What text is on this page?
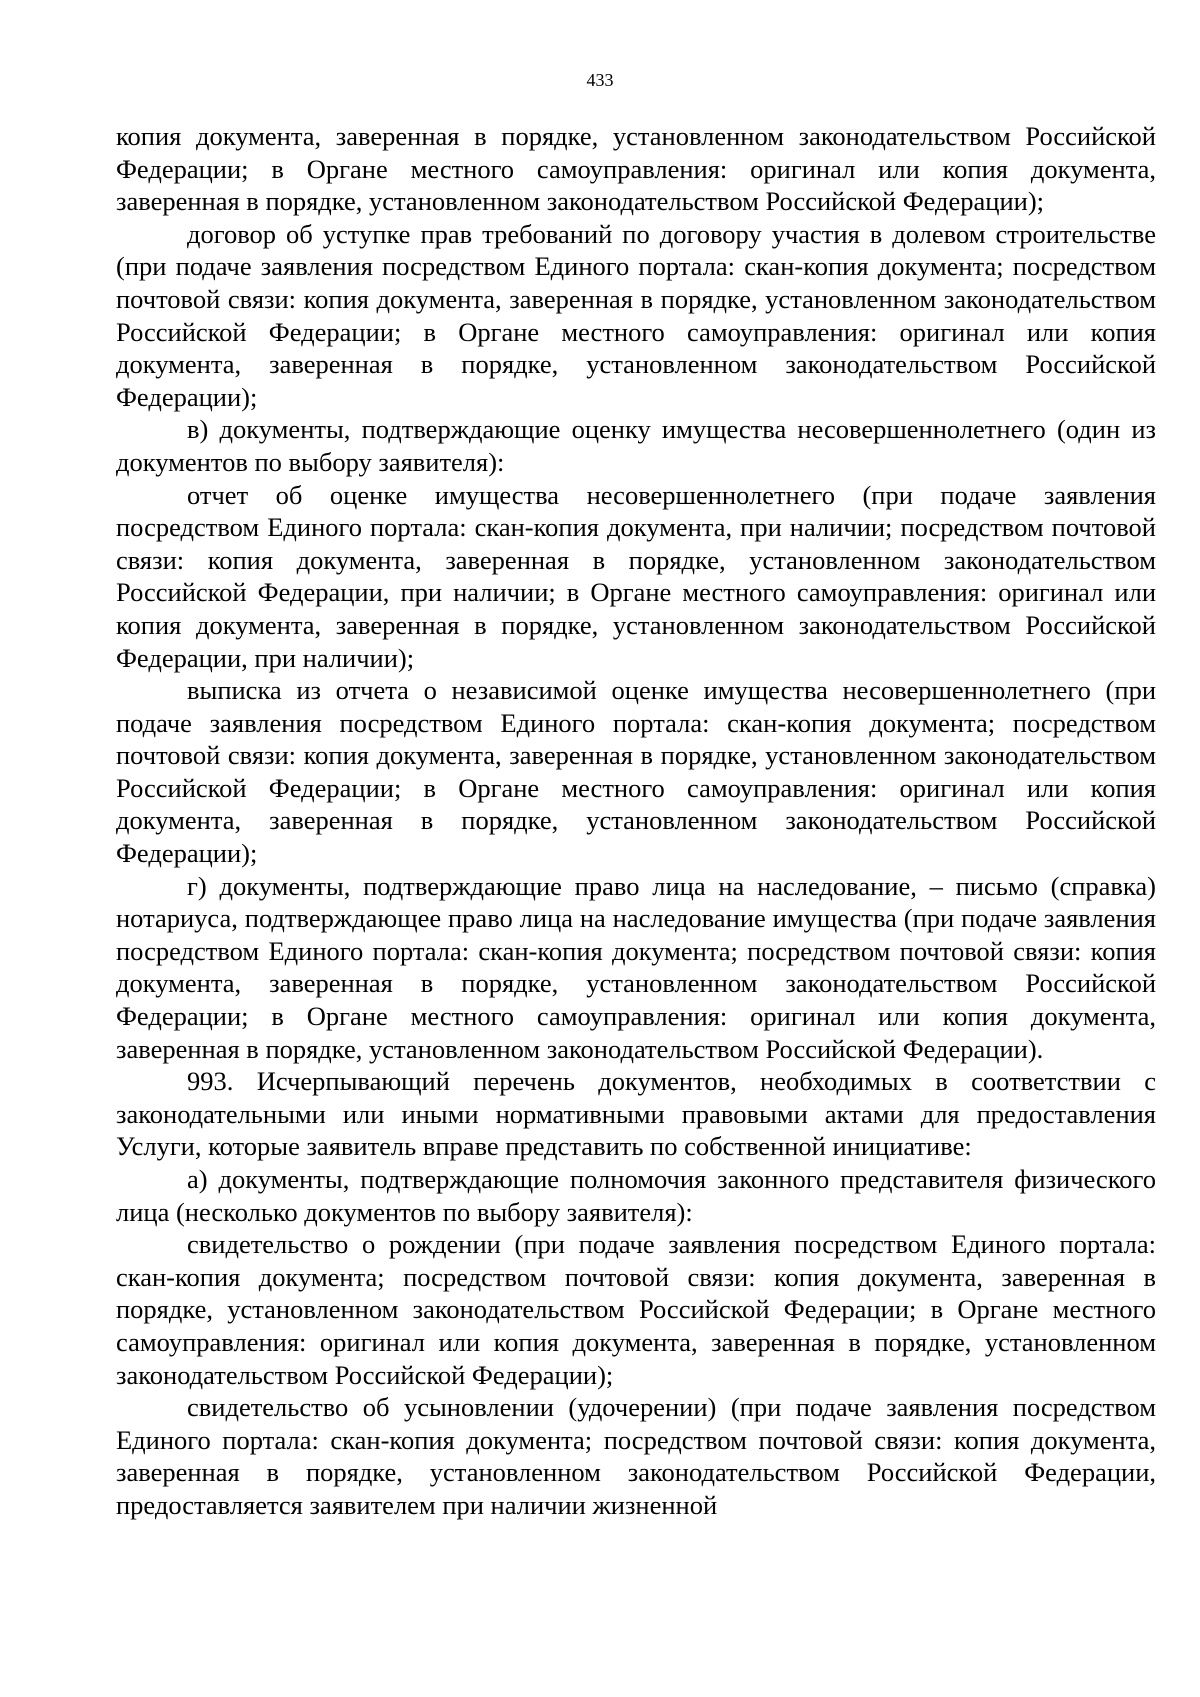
433

копия документа, заверенная в порядке, установленном законодательством Российской Федерации; в Органе местного самоуправления: оригинал или копия документа, заверенная в порядке, установленном законодательством Российской Федерации);

договор об уступке прав требований по договору участия в долевом строительстве (при подаче заявления посредством Единого портала: скан-копия документа; посредством почтовой связи: копия документа, заверенная в порядке, установленном законодательством Российской Федерации; в Органе местного самоуправления: оригинал или копия документа, заверенная в порядке, установленном законодательством Российской Федерации);

в) документы, подтверждающие оценку имущества несовершеннолетнего (один из документов по выбору заявителя):

отчет об оценке имущества несовершеннолетнего (при подаче заявления посредством Единого портала: скан-копия документа, при наличии; посредством почтовой связи: копия документа, заверенная в порядке, установленном законодательством Российской Федерации, при наличии; в Органе местного самоуправления: оригинал или копия документа, заверенная в порядке, установленном законодательством Российской Федерации, при наличии);

выписка из отчета о независимой оценке имущества несовершеннолетнего (при подаче заявления посредством Единого портала: скан-копия документа; посредством почтовой связи: копия документа, заверенная в порядке, установленном законодательством Российской Федерации; в Органе местного самоуправления: оригинал или копия документа, заверенная в порядке, установленном законодательством Российской Федерации);

г) документы, подтверждающие право лица на наследование, – письмо (справка) нотариуса, подтверждающее право лица на наследование имущества (при подаче заявления посредством Единого портала: скан-копия документа; посредством почтовой связи: копия документа, заверенная в порядке, установленном законодательством Российской Федерации; в Органе местного самоуправления: оригинал или копия документа, заверенная в порядке, установленном законодательством Российской Федерации).

993. Исчерпывающий перечень документов, необходимых в соответствии с законодательными или иными нормативными правовыми актами для предоставления Услуги, которые заявитель вправе представить по собственной инициативе:

а) документы, подтверждающие полномочия законного представителя физического лица (несколько документов по выбору заявителя):

свидетельство о рождении (при подаче заявления посредством Единого портала: скан-копия документа; посредством почтовой связи: копия документа, заверенная в порядке, установленном законодательством Российской Федерации; в Органе местного самоуправления: оригинал или копия документа, заверенная в порядке, установленном законодательством Российской Федерации);

свидетельство об усыновлении (удочерении) (при подаче заявления посредством Единого портала: скан-копия документа; посредством почтовой связи: копия документа, заверенная в порядке, установленном законодательством Российской Федерации, предоставляется заявителем при наличии жизненной
